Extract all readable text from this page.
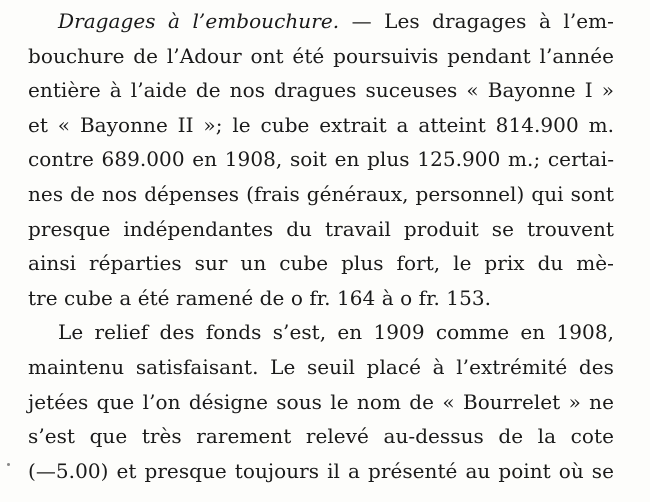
Dragages à l’embouchure. — Les dragages à l’em-
bouchure de l’Adour ont été poursuivis pendant l’année
entière à l’aide de nos dragues suceuses « Bayonne I »
et « Bayonne II »; le cube extrait a atteint 814.900 m.
contre 689.000 en 1908, soit en plus 125.900 m.; certai-
nes de nos dépenses (frais généraux, personnel) qui sont
presque indépendantes du travail produit se trouvent
ainsi réparties sur un cube plus fort, le prix du mè-
tre cube a été ramené de o fr. 164 à o fr. 153.
Le relief des fonds s’est, en 1909 comme en 1908,
maintenu satisfaisant. Le seuil placé à l’extrémité des
jetées que l’on désigne sous le nom de « Bourrelet » ne
s’est que très rarement relevé au-dessus de la cote
(—5.00) et presque toujours il a présenté au point où se
